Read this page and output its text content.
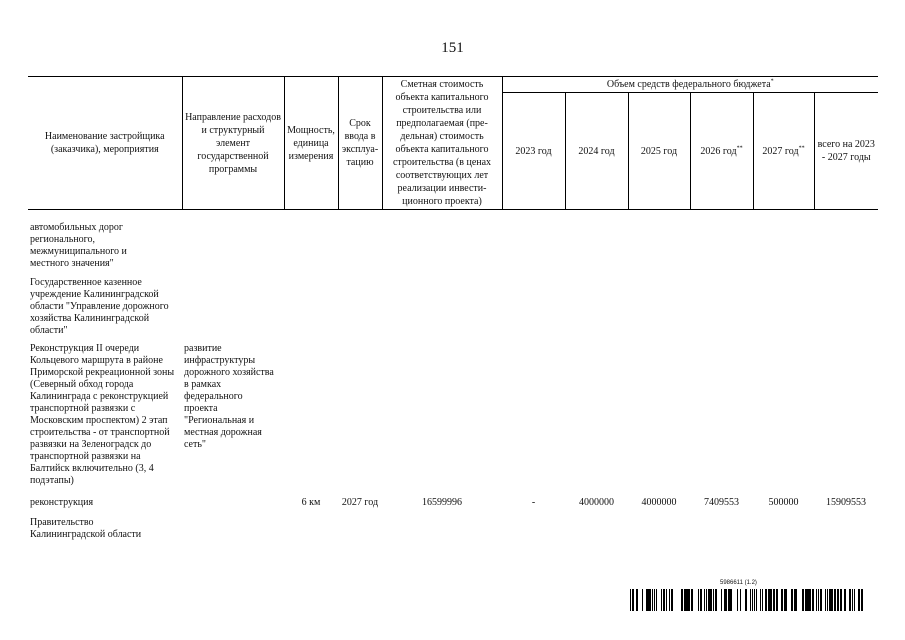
151
Наименование застройщика (заказчика), мероприятия	Направление расходов и структурный элемент государственной программы	Мощность, единица измерения	Срок ввода в эксплуа-тацию	Сметная стоимость объекта капитального строительства или предполагаемая (пре-дельная) стоимость объекта капитального строительства (в ценах соответствующих лет реализации инвести-ционного проекта)	Объем средств федерального бюджета*
					2023 год	2024 год	2025 год	2026 год**	2027 год**	всего на 2023 - 2027 годы

автомобильных дорог регионального, межмуниципального и местного значения"										

Государственное казенное учреждение Калининградской области "Управление дорожного хозяйства Калининградской области"										

Реконструкция II очереди Кольцевого маршрута в районе Приморской рекреационной зоны (Северный обход города Калининграда с реконструкцией транспортной развязки с Московским проспектом) 2 этап строительства - от транспортной развязки на Зеленоградск до транспортной развязки на Балтийск включительно (3, 4 подэтапы)	развитие инфраструктуры дорожного хозяйства в рамках федерального проекта "Региональная и местная дорожная сеть"									

реконструкция		6 км	2027 год	16599996	-	4000000	4000000	7409553	500000	15909553

Правительство Калининградской области										
5986611 (1.2)
